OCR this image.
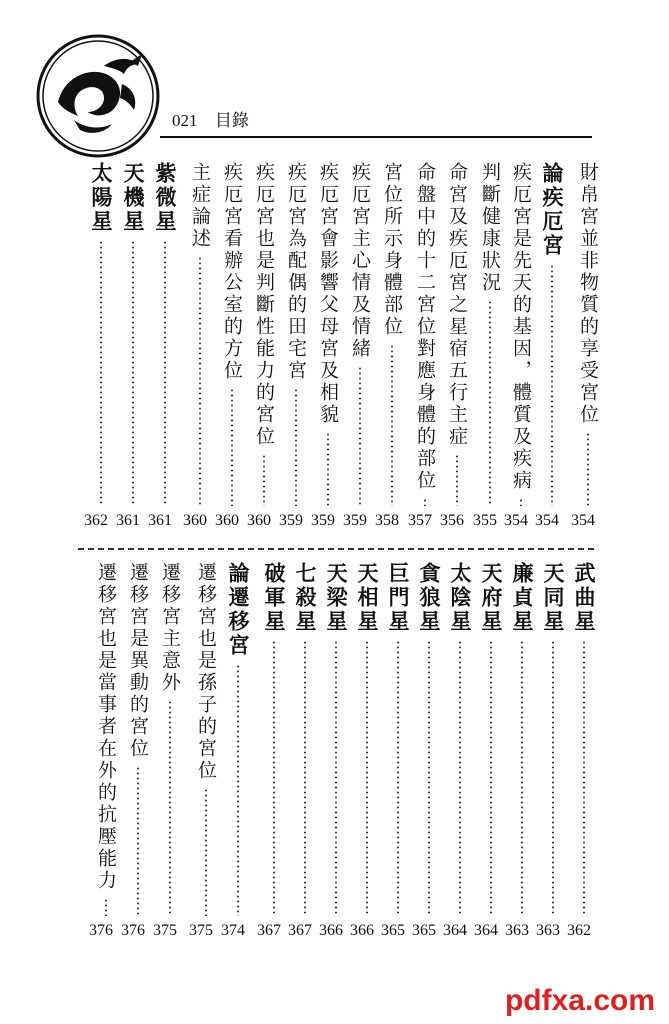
021 目錄
財帛宮並非物質的享受宮位
354
論疾厄宮
354
疾厄宮是先天的基因，體質及疾病
354
判斷健康狀況
355
命宮及疾厄宮之星宿五行主症
356
命盤中的十二宮位對應身體的部位
357
宮位所示身體部位
358
疾厄宮主心情及情緒
359
疾厄宮會影響父母宮及相貌
359
疾厄宮為配偶的田宅宮
359
疾厄宮也是判斷性能力的宮位
360
疾厄宮看辦公室的方位
360
主症論述
360
紫微星
361
天機星
361
太陽星
362
武曲星
362
天同星
363
廉貞星
363
天府星
364
太陰星
364
貪狼星
365
巨門星
365
天相星
366
天梁星
366
七殺星
367
破軍星
367
論遷移宮
374
遷移宮也是孫子的宮位
375
遷移宮主意外
375
遷移宮是異動的宮位
376
遷移宮也是當事者在外的抗壓能力
376
pdfxa.com
